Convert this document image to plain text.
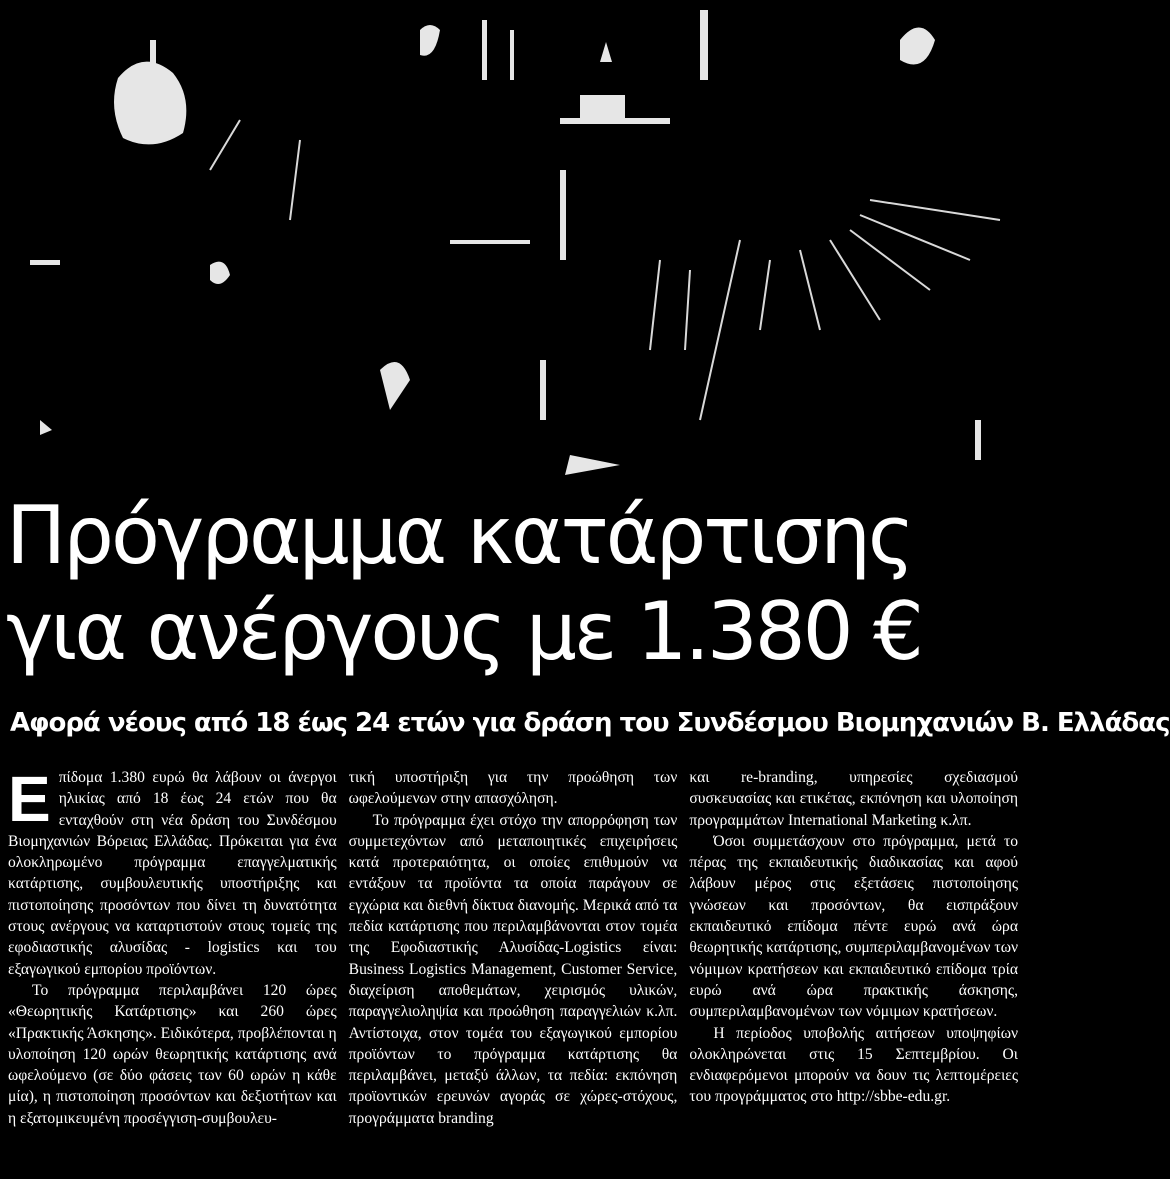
Πρόγραμμα κατάρτισης
για ανέργους με 1.380 €
Αφορά νέους από 18 έως 24 ετών για δράση του Συνδέσμου Βιομηχανιών Β. Ελλάδας

Επίδομα 1.380 ευρώ θα λάβουν οι άνεργοι ηλικίας από 18 έως 24 ετών που θα ενταχθούν στη νέα δράση του Συνδέσμου Βιομηχανιών Βόρειας Ελλάδας. Πρόκειται για ένα ολοκληρωμένο πρόγραμμα επαγγελματικής κατάρτισης, συμβουλευτικής υποστήριξης και πιστοποίησης προσόντων που δίνει τη δυνατότητα στους ανέργους να καταρτιστούν στους τομείς της εφοδιαστικής αλυσίδας - logistics και του εξαγωγικού εμπορίου προϊόντων.

Το πρόγραμμα περιλαμβάνει 120 ώρες «Θεωρητικής Κατάρτισης» και 260 ώρες «Πρακτικής Άσκησης». Ειδικότερα, προβλέπονται η υλοποίηση 120 ωρών θεωρητικής κατάρτισης ανά ωφελούμενο (σε δύο φάσεις των 60 ωρών η κάθε μία), η πιστοποίηση προσόντων και δεξιοτήτων και η εξατομικευμένη προσέγγιση-συμβουλευ-

τική υποστήριξη για την προώθηση των ωφελούμενων στην απασχόληση.

Το πρόγραμμα έχει στόχο την απορρόφηση των συμμετεχόντων από μεταποιητικές επιχειρήσεις κατά προτεραιότητα, οι οποίες επιθυμούν να εντάξουν τα προϊόντα τα οποία παράγουν σε εγχώρια και διεθνή δίκτυα διανομής. Μερικά από τα πεδία κατάρτισης που περιλαμβάνονται στον τομέα της Εφοδιαστικής Αλυσίδας-Logistics είναι: Business Logistics Management, Customer Service, διαχείριση αποθεμάτων, χειρισμός υλικών, παραγγελιοληψία και προώθηση παραγγελιών κ.λπ. Αντίστοιχα, στον τομέα του εξαγωγικού εμπορίου προϊόντων το πρόγραμμα κατάρτισης θα περιλαμβάνει, μεταξύ άλλων, τα πεδία: εκπόνηση προϊοντικών ερευνών αγοράς σε χώρες-στόχους, προγράμματα branding

και re-branding, υπηρεσίες σχεδιασμού συσκευασίας και ετικέτας, εκπόνηση και υλοποίηση προγραμμάτων International Marketing κ.λπ.

Όσοι συμμετάσχουν στο πρόγραμμα, μετά το πέρας της εκπαιδευτικής διαδικασίας και αφού λάβουν μέρος στις εξετάσεις πιστοποίησης γνώσεων και προσόντων, θα εισπράξουν εκπαιδευτικό επίδομα πέντε ευρώ ανά ώρα θεωρητικής κατάρτισης, συμπεριλαμβανομένων των νόμιμων κρατήσεων και εκπαιδευτικό επίδομα τρία ευρώ ανά ώρα πρακτικής άσκησης, συμπεριλαμβανομένων των νόμιμων κρατήσεων.

Η περίοδος υποβολής αιτήσεων υποψηφίων ολοκληρώνεται στις 15 Σεπτεμβρίου. Οι ενδιαφερόμενοι μπορούν να δουν τις λεπτομέρειες του προγράμματος στο http://sbbe-edu.gr.
